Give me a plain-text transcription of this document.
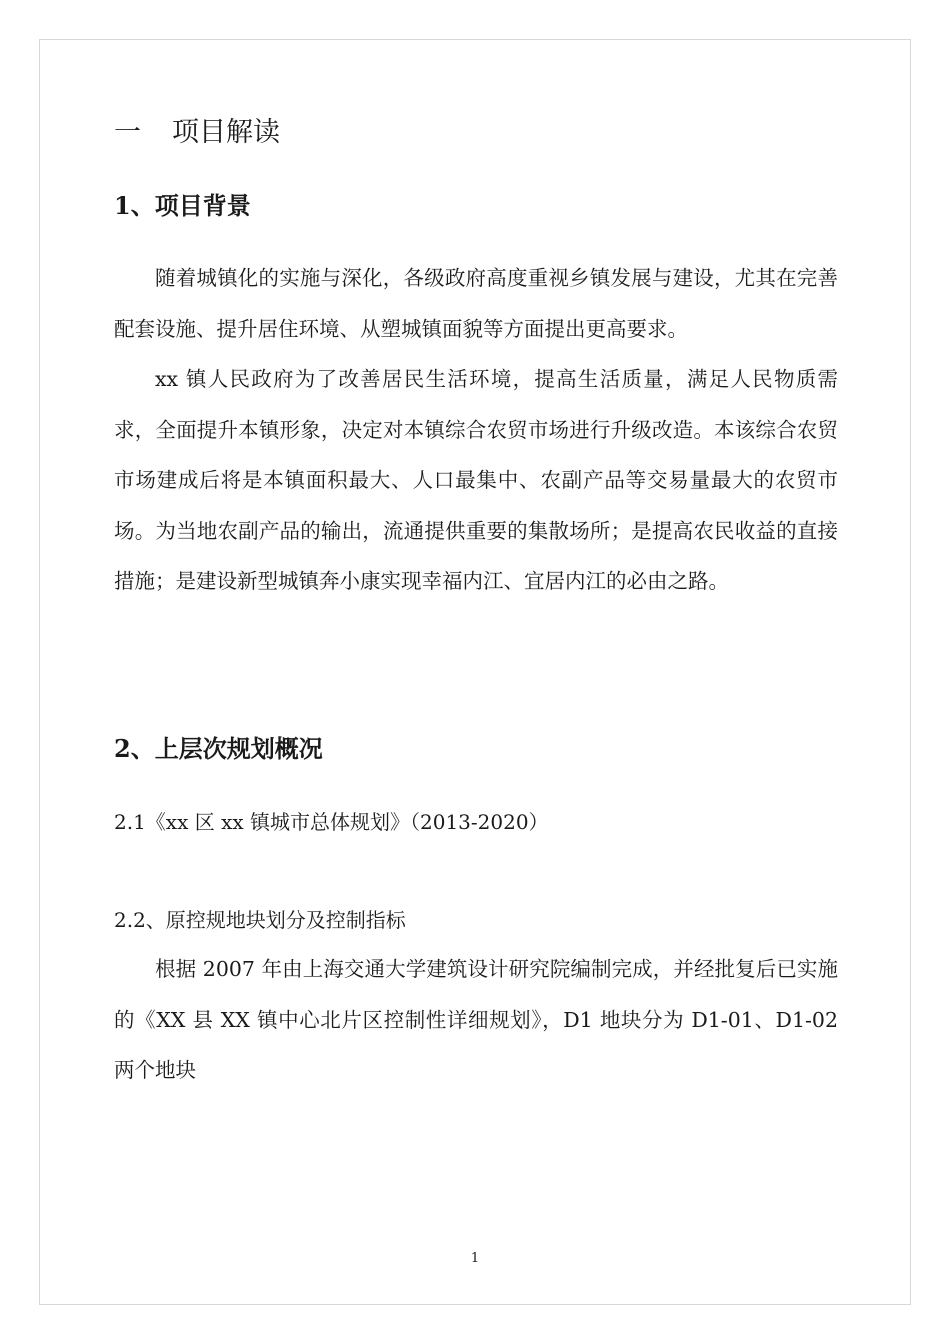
一 项目解读
1、项目背景

随着城镇化的实施与深化，各级政府高度重视乡镇发展与建设，尤其在完善配套设施、提升居住环境、从塑城镇面貌等方面提出更高要求。

xx 镇人民政府为了改善居民生活环境，提高生活质量，满足人民物质需求，全面提升本镇形象，决定对本镇综合农贸市场进行升级改造。本该综合农贸市场建成后将是本镇面积最大、人口最集中、农副产品等交易量最大的农贸市场。为当地农副产品的输出，流通提供重要的集散场所；是提高农民收益的直接措施；是建设新型城镇奔小康实现幸福内江、宜居内江的必由之路。

2、上层次规划概况

2.1《xx 区 xx 镇城市总体规划》（2013-2020）

2.2、原控规地块划分及控制指标

根据 2007 年由上海交通大学建筑设计研究院编制完成，并经批复后已实施的《XX 县 XX 镇中心北片区控制性详细规划》，D1 地块分为 D1-01、D1-02 两个地块

1
